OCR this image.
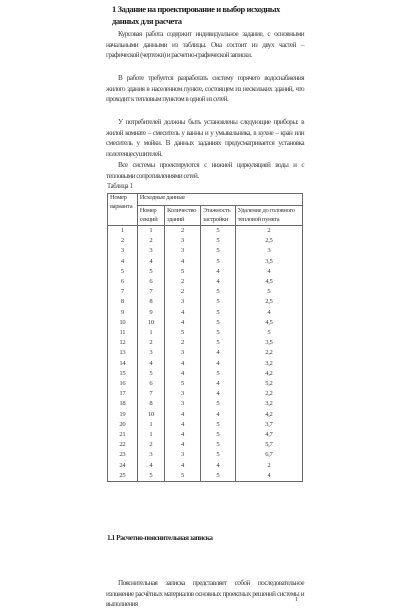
1 Задание на проектирование и выбор исходных данных для расчета
Курсовая работа содержит индивидуальное задание, с основными начальными данными из таблицы. Она состоит из двух частей – графической (чертежи) и расчетно-графической записки.
В работе требуется разработать систему горячего водоснабжения жилого здания в населенном пункте, состоящем из нескольких зданий, что проходит к тепловым пунктом в одной из сетей.
У потребителей должны быть установлены следующие приборы: в жилой комнате – смеситель у ванны и у умывальника, в кухне – кран или смеситель у мойки. В данных заданиях предусматривается установка полотенцесушителей.
Все системы проектируются с нижней циркуляцией воды и с тепловыми сопротивлениями сетей.
Таблица 1
Номер варианта	Исходные данные			
	Номер секций	Количество зданий	Этажность застройки	Удаление до головного тепловой пункта
1	1	2	5	2
2	2	3	5	2,5
3	3	3	5	3
4	4	4	5	3,5
5	5	5	4	4
6	6	2	4	4,5
7	7	2	5	5
8	8	3	5	2,5
9	9	4	5	4
10	10	4	5	4,5
11	1	5	5	5
12	2	2	5	3,5
13	3	3	4	2,2
14	4	4	4	3,2
15	5	4	5	4,2
16	6	5	4	5,2
17	7	3	4	2,2
18	8	3	5	3,2
19	10	4	4	4,2
20	1	4	5	3,7
21	1	4	5	4,7
22	2	4	5	5,7
23	3	3	5	6,7
24	4	4	4	2
25	5	5	5	4
1.1 Расчетно-пояснительная записка
Пояснительная записка представляет собой последовательное изложение расчётных материалов основных проектных решений системы и выполнения
1
